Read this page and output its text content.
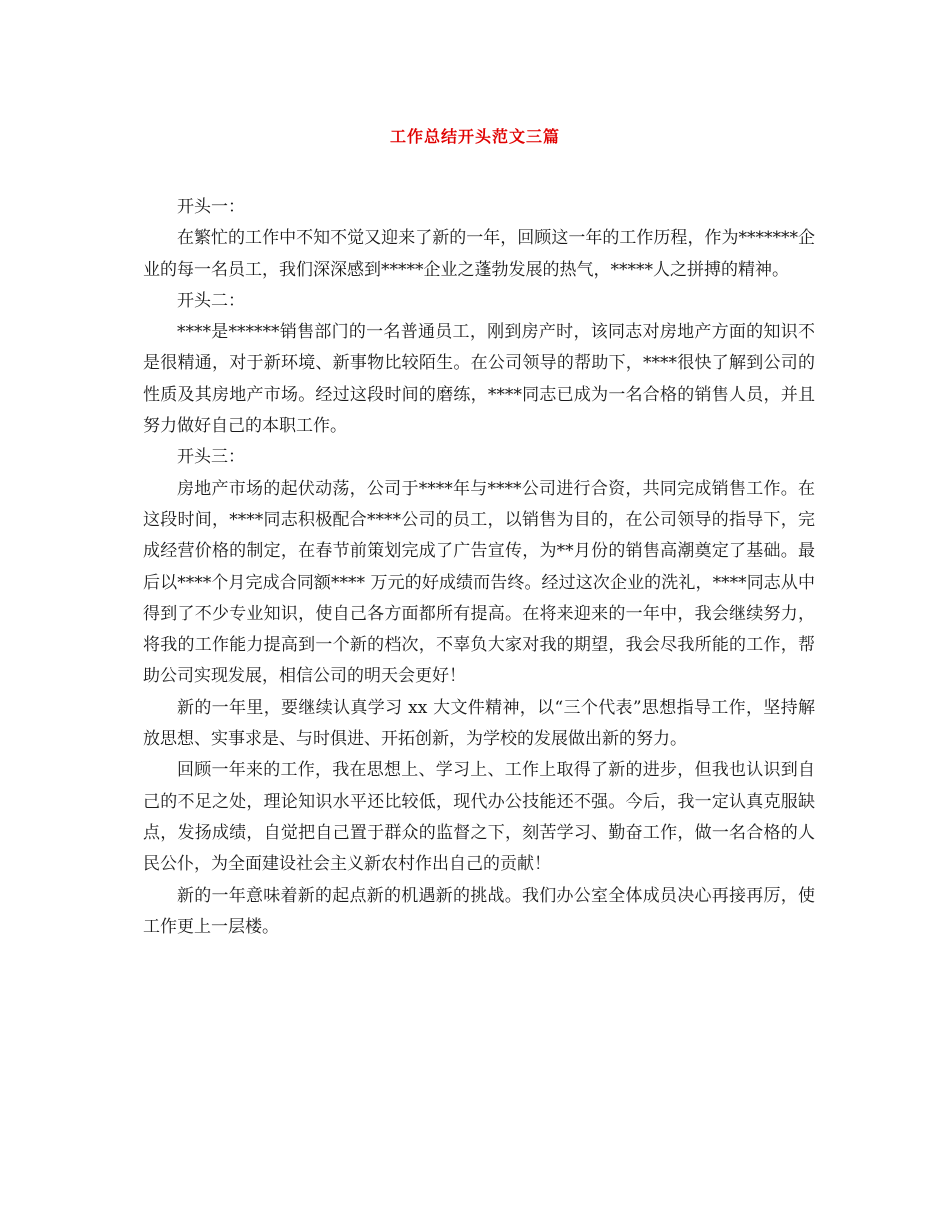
工作总结开头范文三篇

开头一：

在繁忙的工作中不知不觉又迎来了新的一年，回顾这一年的工作历程，作为*******企业的每一名员工，我们深深感到*****企业之蓬勃发展的热气，*****人之拼搏的精神。

开头二：

****是******销售部门的一名普通员工，刚到房产时，该同志对房地产方面的知识不是很精通，对于新环境、新事物比较陌生。在公司领导的帮助下，****很快了解到公司的性质及其房地产市场。经过这段时间的磨练，****同志已成为一名合格的销售人员，并且努力做好自己的本职工作。

开头三：

房地产市场的起伏动荡，公司于****年与****公司进行合资，共同完成销售工作。在这段时间，****同志积极配合****公司的员工，以销售为目的，在公司领导的指导下，完成经营价格的制定，在春节前策划完成了广告宣传，为**月份的销售高潮奠定了基础。最后以****个月完成合同额**** 万元的好成绩而告终。经过这次企业的洗礼，****同志从中得到了不少专业知识，使自己各方面都所有提高。在将来迎来的一年中，我会继续努力，将我的工作能力提高到一个新的档次，不辜负大家对我的期望，我会尽我所能的工作，帮助公司实现发展，相信公司的明天会更好！

新的一年里，要继续认真学习 xx 大文件精神，以“三个代表”思想指导工作，坚持解放思想、实事求是、与时俱进、开拓创新，为学校的发展做出新的努力。

回顾一年来的工作，我在思想上、学习上、工作上取得了新的进步，但我也认识到自己的不足之处，理论知识水平还比较低，现代办公技能还不强。今后，我一定认真克服缺点，发扬成绩，自觉把自己置于群众的监督之下，刻苦学习、勤奋工作，做一名合格的人民公仆，为全面建设社会主义新农村作出自己的贡献！

新的一年意味着新的起点新的机遇新的挑战。我们办公室全体成员决心再接再厉，使工作更上一层楼。
